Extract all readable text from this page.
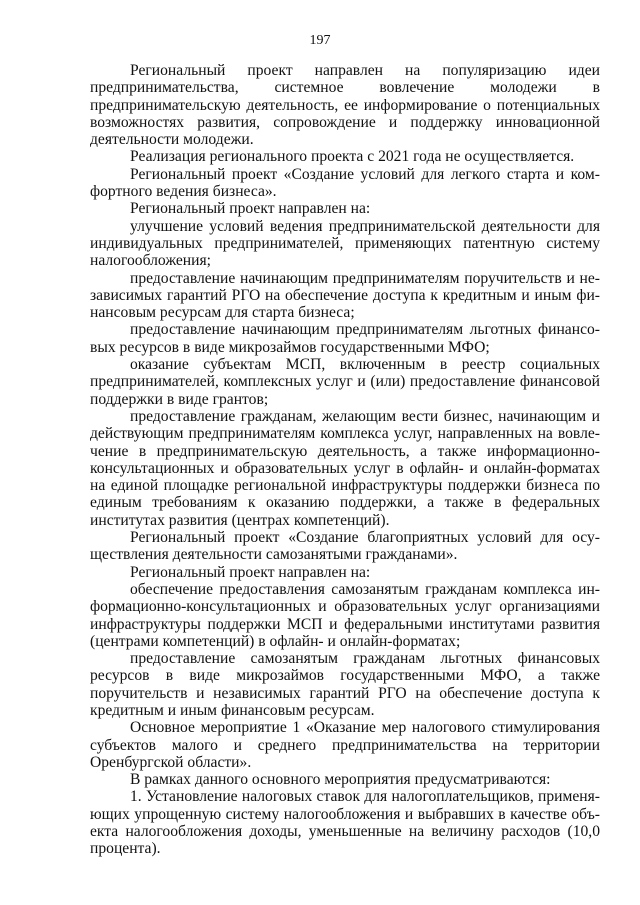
197

Региональный проект направлен на популяризацию идеи предпринимательства, системное вовлечение молодежи в предпринимательскую деятельность, ее информирование о потенциальных возможностях развития, сопровождение и поддержку инновационной деятельности молодежи.

Реализация регионального проекта с 2021 года не осуществляется.

Региональный проект «Создание условий для легкого старта и комфортного ведения бизнеса».

Региональный проект направлен на:

улучшение условий ведения предпринимательской деятельности для индивидуальных предпринимателей, применяющих патентную систему налогообложения;

предоставление начинающим предпринимателям поручительств и независимых гарантий РГО на обеспечение доступа к кредитным и иным финансовым ресурсам для старта бизнеса;

предоставление начинающим предпринимателям льготных финансовых ресурсов в виде микрозаймов государственными МФО;

оказание субъектам МСП, включенным в реестр социальных предпринимателей, комплексных услуг и (или) предоставление финансовой поддержки в виде грантов;

предоставление гражданам, желающим вести бизнес, начинающим и действующим предпринимателям комплекса услуг, направленных на вовлечение в предпринимательскую деятельность, а также информационно-консультационных и образовательных услуг в офлайн- и онлайн-форматах на единой площадке региональной инфраструктуры поддержки бизнеса по единым требованиям к оказанию поддержки, а также в федеральных институтах развития (центрах компетенций).

Региональный проект «Создание благоприятных условий для осуществления деятельности самозанятыми гражданами».

Региональный проект направлен на:

обеспечение предоставления самозанятым гражданам комплекса информационно-консультационных и образовательных услуг организациями инфраструктуры поддержки МСП и федеральными институтами развития (центрами компетенций) в офлайн- и онлайн-форматах;

предоставление самозанятым гражданам льготных финансовых ресурсов в виде микрозаймов государственными МФО, а также поручительств и независимых гарантий РГО на обеспечение доступа к кредитным и иным финансовым ресурсам.

Основное мероприятие 1 «Оказание мер налогового стимулирования субъектов малого и среднего предпринимательства на территории Оренбургской области».

В рамках данного основного мероприятия предусматриваются:

1. Установление налоговых ставок для налогоплательщиков, применяющих упрощенную систему налогообложения и выбравших в качестве объекта налогообложения доходы, уменьшенные на величину расходов (10,0 процента).
